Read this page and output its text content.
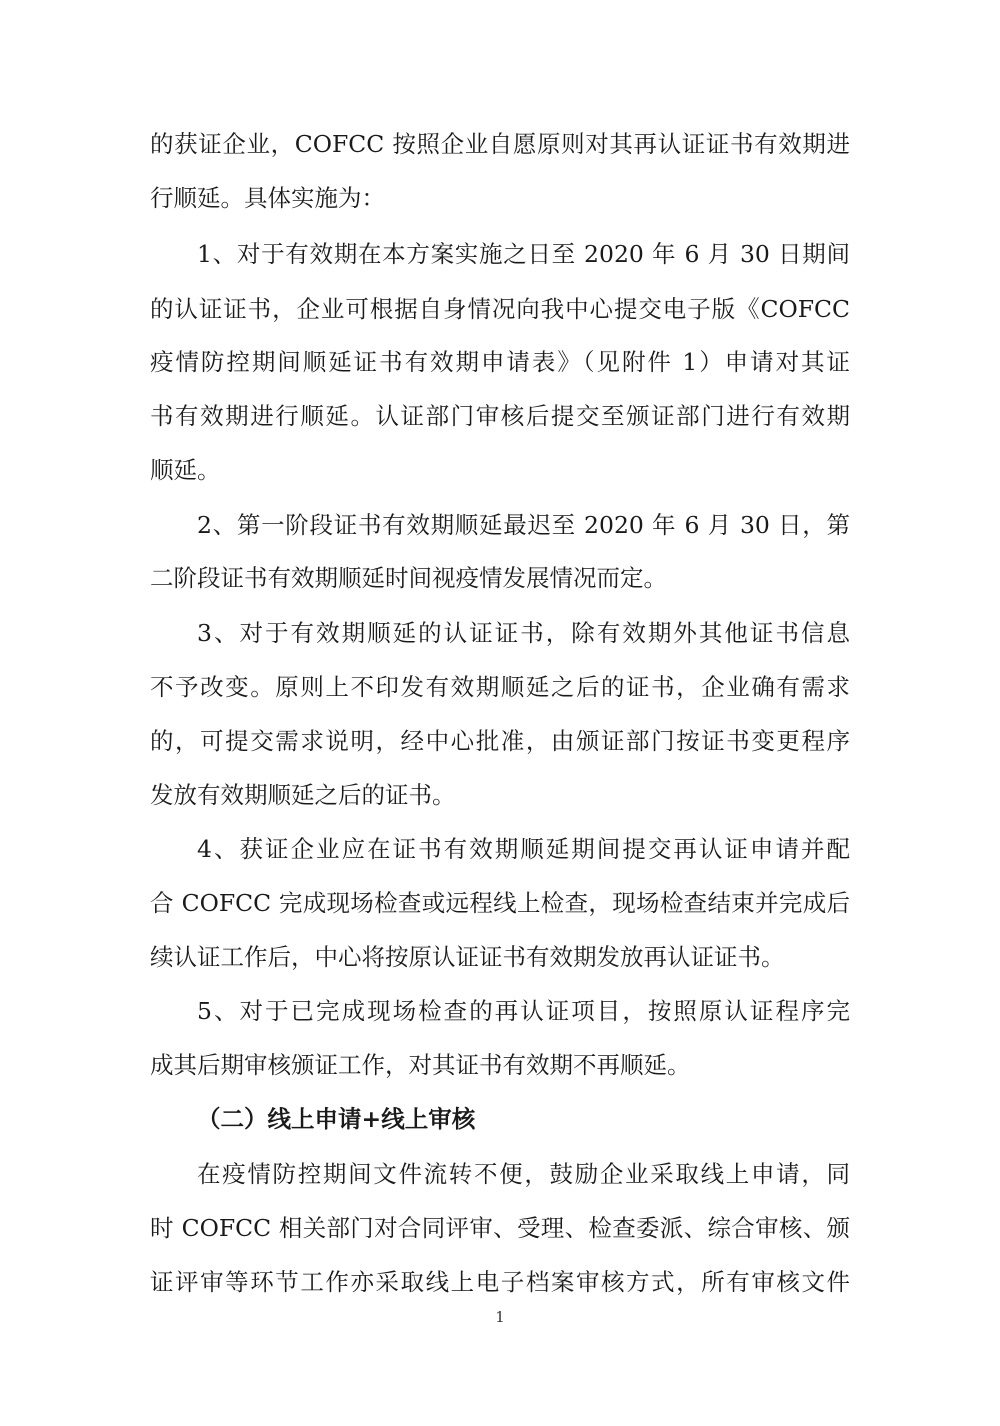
的获证企业，COFCC 按照企业自愿原则对其再认证证书有效期进
行顺延。具体实施为：
1、对于有效期在本方案实施之日至 2020 年 6 月 30 日期间
的认证证书，企业可根据自身情况向我中心提交电子版《COFCC
疫情防控期间顺延证书有效期申请表》（见附件 1）申请对其证
书有效期进行顺延。认证部门审核后提交至颁证部门进行有效期
顺延。
2、第一阶段证书有效期顺延最迟至 2020 年 6 月 30 日，第
二阶段证书有效期顺延时间视疫情发展情况而定。
3、对于有效期顺延的认证证书，除有效期外其他证书信息
不予改变。原则上不印发有效期顺延之后的证书，企业确有需求
的，可提交需求说明，经中心批准，由颁证部门按证书变更程序
发放有效期顺延之后的证书。
4、获证企业应在证书有效期顺延期间提交再认证申请并配
合 COFCC 完成现场检查或远程线上检查，现场检查结束并完成后
续认证工作后，中心将按原认证证书有效期发放再认证证书。
5、对于已完成现场检查的再认证项目，按照原认证程序完
成其后期审核颁证工作，对其证书有效期不再顺延。
（二）线上申请+线上审核
在疫情防控期间文件流转不便，鼓励企业采取线上申请，同
时 COFCC 相关部门对合同评审、受理、检查委派、综合审核、颁
证评审等环节工作亦采取线上电子档案审核方式，所有审核文件
1
